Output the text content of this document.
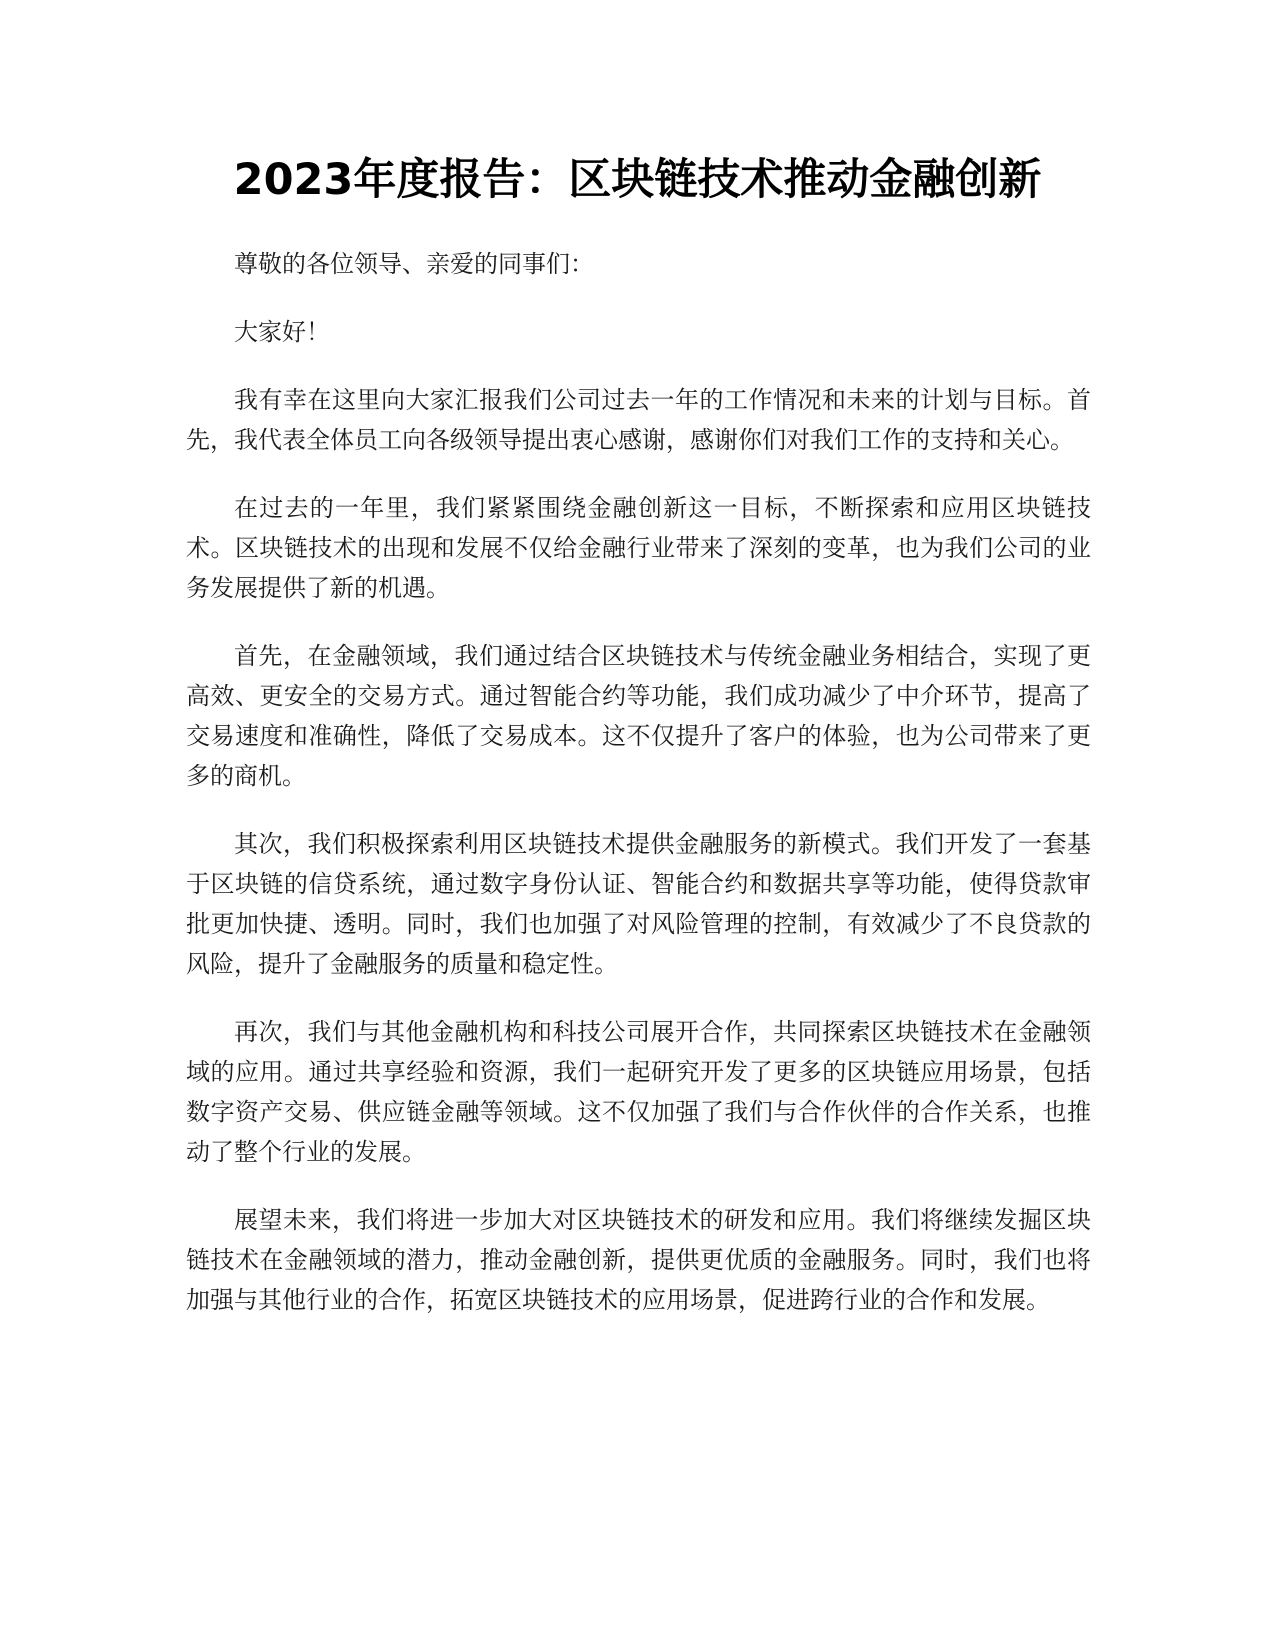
2023年度报告：区块链技术推动金融创新

尊敬的各位领导、亲爱的同事们：

大家好！

我有幸在这里向大家汇报我们公司过去一年的工作情况和未来的计划与目标。首先，我代表全体员工向各级领导提出衷心感谢，感谢你们对我们工作的支持和关心。

在过去的一年里，我们紧紧围绕金融创新这一目标，不断探索和应用区块链技术。区块链技术的出现和发展不仅给金融行业带来了深刻的变革，也为我们公司的业务发展提供了新的机遇。

首先，在金融领域，我们通过结合区块链技术与传统金融业务相结合，实现了更高效、更安全的交易方式。通过智能合约等功能，我们成功减少了中介环节，提高了交易速度和准确性，降低了交易成本。这不仅提升了客户的体验，也为公司带来了更多的商机。

其次，我们积极探索利用区块链技术提供金融服务的新模式。我们开发了一套基于区块链的信贷系统，通过数字身份认证、智能合约和数据共享等功能，使得贷款审批更加快捷、透明。同时，我们也加强了对风险管理的控制，有效减少了不良贷款的风险，提升了金融服务的质量和稳定性。

再次，我们与其他金融机构和科技公司展开合作，共同探索区块链技术在金融领域的应用。通过共享经验和资源，我们一起研究开发了更多的区块链应用场景，包括数字资产交易、供应链金融等领域。这不仅加强了我们与合作伙伴的合作关系，也推动了整个行业的发展。

展望未来，我们将进一步加大对区块链技术的研发和应用。我们将继续发掘区块链技术在金融领域的潜力，推动金融创新，提供更优质的金融服务。同时，我们也将加强与其他行业的合作，拓宽区块链技术的应用场景，促进跨行业的合作和发展。
